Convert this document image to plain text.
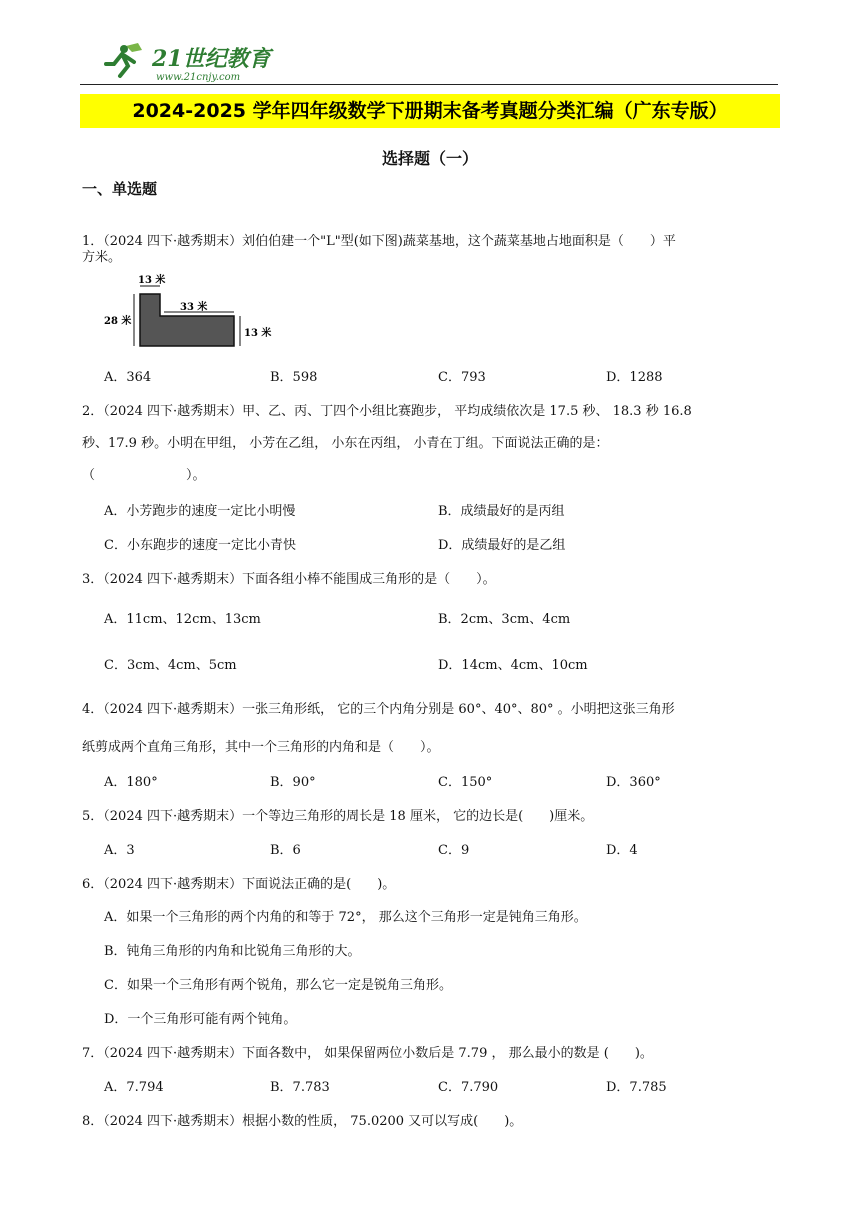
21世纪教育
www.21cnjy.com
2024-2025 学年四年级数学下册期末备考真题分类汇编（广东专版）
选择题（一）
一、单选题
1．（2024 四下·越秀期末）刘伯伯建一个"L"型(如下图)蔬菜基地，这个蔬菜基地占地面积是（　　）平
方米。
13 米
33 米
28 米
13 米
A．364	B．598	C．793	D．1288
2．（2024 四下·越秀期末）甲、乙、丙、丁四个小组比赛跑步， 平均成绩依次是 17.5 秒、 18.3 秒 16.8
秒、17.9 秒。小明在甲组， 小芳在乙组， 小东在丙组， 小青在丁组。下面说法正确的是：
（　　　　　　　）。
A．小芳跑步的速度一定比小明慢	B．成绩最好的是丙组
C．小东跑步的速度一定比小青快	D．成绩最好的是乙组
3．（2024 四下·越秀期末）下面各组小棒不能围成三角形的是（　　）。
A．11cm、12cm、13cm	B．2cm、3cm、4cm
C．3cm、4cm、5cm	D．14cm、4cm、10cm
4．（2024 四下·越秀期末）一张三角形纸， 它的三个内角分别是 60°、40°、80° 。小明把这张三角形
纸剪成两个直角三角形，其中一个三角形的内角和是（　　）。
A．180°	B．90°	C．150°	D．360°
5．（2024 四下·越秀期末）一个等边三角形的周长是 18 厘米， 它的边长是(　　)厘米。
A．3	B．6	C．9	D．4
6．（2024 四下·越秀期末）下面说法正确的是(　　)。
A．如果一个三角形的两个内角的和等于 72°， 那么这个三角形一定是钝角三角形。
B．钝角三角形的内角和比锐角三角形的大。
C．如果一个三角形有两个锐角，那么它一定是锐角三角形。
D．一个三角形可能有两个钝角。
7．（2024 四下·越秀期末）下面各数中， 如果保留两位小数后是 7.79 ， 那么最小的数是 (　　)。
A．7.794	B．7.783	C．7.790	D．7.785
8．（2024 四下·越秀期末）根据小数的性质， 75.0200 又可以写成(　　)。
